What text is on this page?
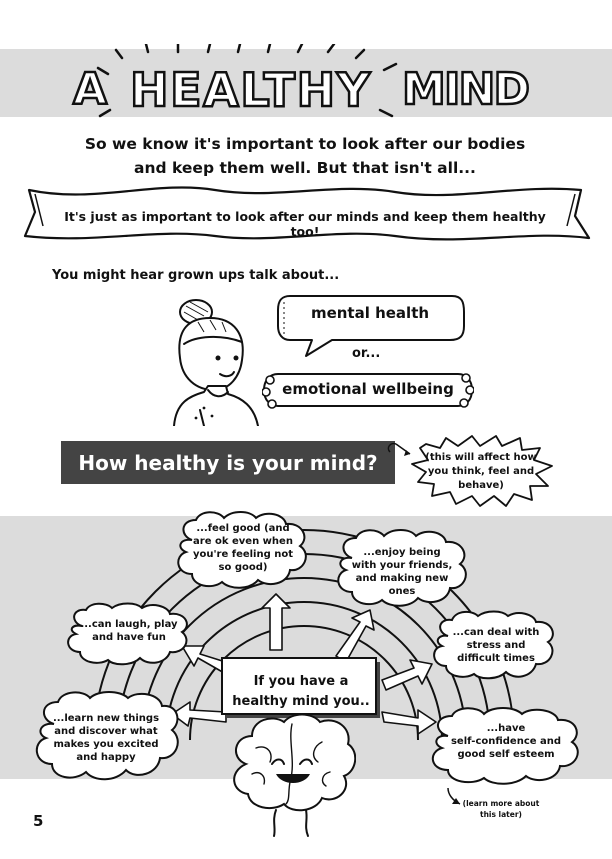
A HEALTHY MIND
So we know it's important to look after our bodies
and keep them well. But that isn't all...
It's just as important to look after our minds and keep them healthy too!
You might hear grown ups talk about...
mental health
or...
emotional wellbeing
How healthy is your mind?	(this will affect how you think, feel and behave)
...feel good (and are ok even when you're feeling not so good)
...enjoy being with your friends, and making new ones
...can laugh, play and have fun	...can deal with stress and difficult times
...learn new things and discover what makes you excited and happy
...have
self-confidence and good self esteem
If you have a
healthy mind you..
(learn more about this later)
5
